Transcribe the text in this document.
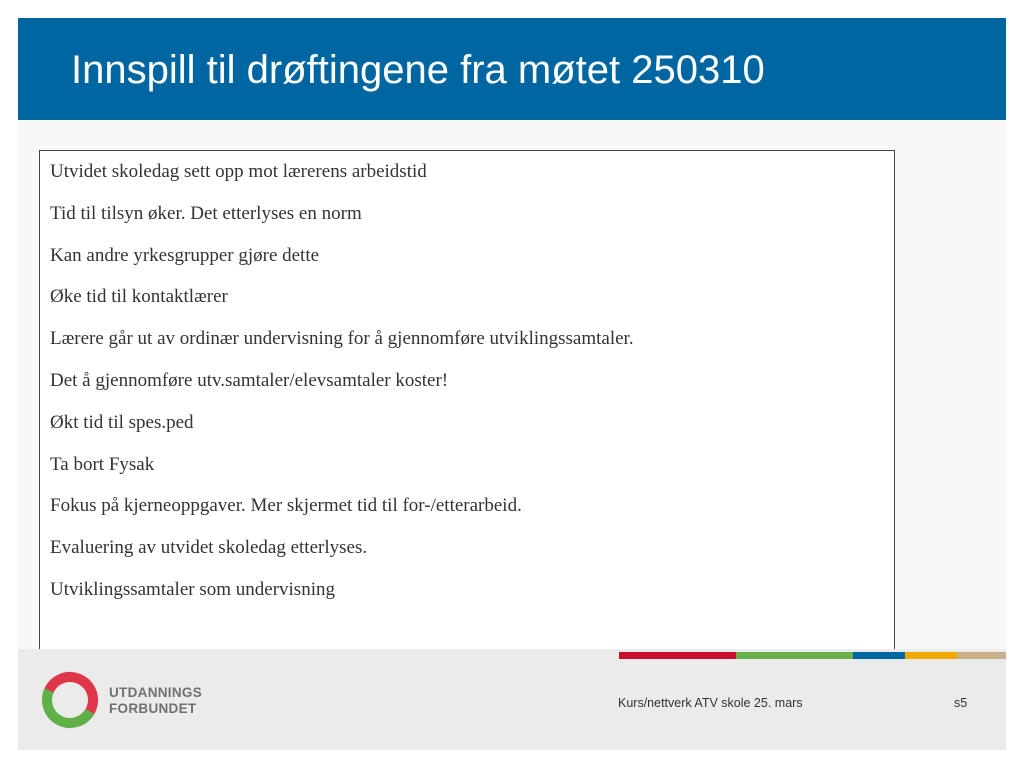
Innspill til drøftingene fra møtet 250310
Utvidet skoledag sett opp mot lærerens arbeidstid
Tid til tilsyn øker. Det etterlyses en norm
Kan andre yrkesgrupper gjøre dette
Øke tid til kontaktlærer
Lærere går ut av ordinær undervisning for å gjennomføre utviklingssamtaler.
Det å gjennomføre utv.samtaler/elevsamtaler koster!
Økt tid til spes.ped
Ta bort Fysak
Fokus på kjerneoppgaver. Mer skjermet tid til for-/etterarbeid.
Evaluering av utvidet skoledag etterlyses.
Utviklingssamtaler som undervisning
UTDANNINGS
FORBUNDET	Kurs/nettverk ATV skole 25. mars	s5
